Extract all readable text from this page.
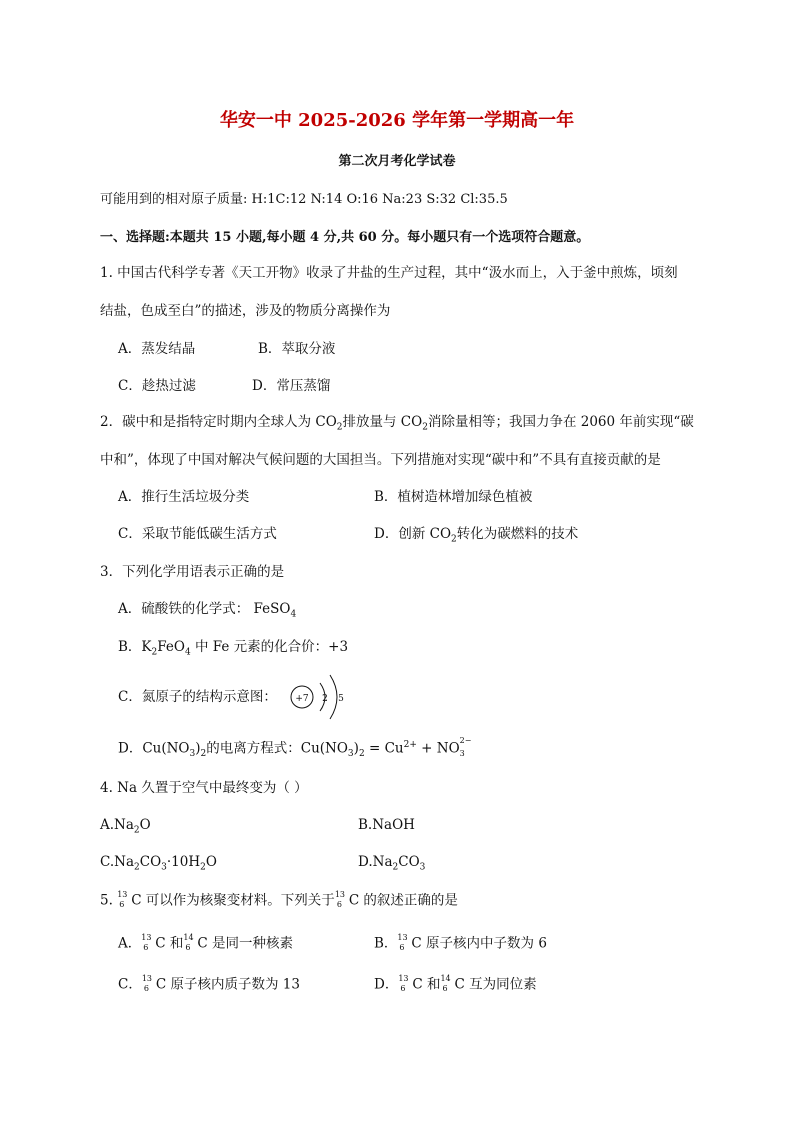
华安一中 2025-2026 学年第一学期高一年
第二次月考化学试卷
可能用到的相对原子质量: H:1C:12 N:14 O:16 Na:23 S:32 Cl:35.5
一、选择题:本题共 15 小题,每小题 4 分,共 60 分。每小题只有一个选项符合题意。
1. 中国古代科学专著《天工开物》收录了井盐的生产过程，其中“汲水而上，入于釜中煎炼，顷刻
结盐，色成至白”的描述，涉及的物质分离操作为
A．蒸发结晶	B．萃取分液
C．趁热过滤	D．常压蒸馏
2．碳中和是指特定时期内全球人为 $CO_2$排放量与 $CO_2$消除量相等；我国力争在 2060 年前实现“碳
中和”，体现了中国对解决气候问题的大国担当。下列措施对实现“碳中和”不具有直接贡献的是
A．推行生活垃圾分类	B．植树造林增加绿色植被
C．采取节能低碳生活方式	D．创新 $CO_2$转化为碳燃料的技术
3．下列化学用语表示正确的是
A．硫酸铁的化学式： FeSO$_4$
B．$K_2FeO_4$ 中 Fe 元素的化合价：+3
C．氮原子的结构示意图： +7 2 5
D．$Cu(NO_3)_2$的电离方程式：$Cu(NO_3)_2 = Cu^{2+}$ + NO 2−
3
4. Na 久置于空气中最终变为（ ）
$A.Na_2O$	B.NaOH
$C.Na_2CO_3\cdot 10H_2O$	$D.Na_2CO_3$
5. 13
6 C 可以作为核聚变材料。下列关于 13
6 C 的叙述正确的是
A． 13
6 C 和 14
6 C 是同一种核素	B． 13
6 C 原子核内中子数为 6
C． 13
6 C 原子核内质子数为 13	D． 13
6 C 和 14
6 C 互为同位素
